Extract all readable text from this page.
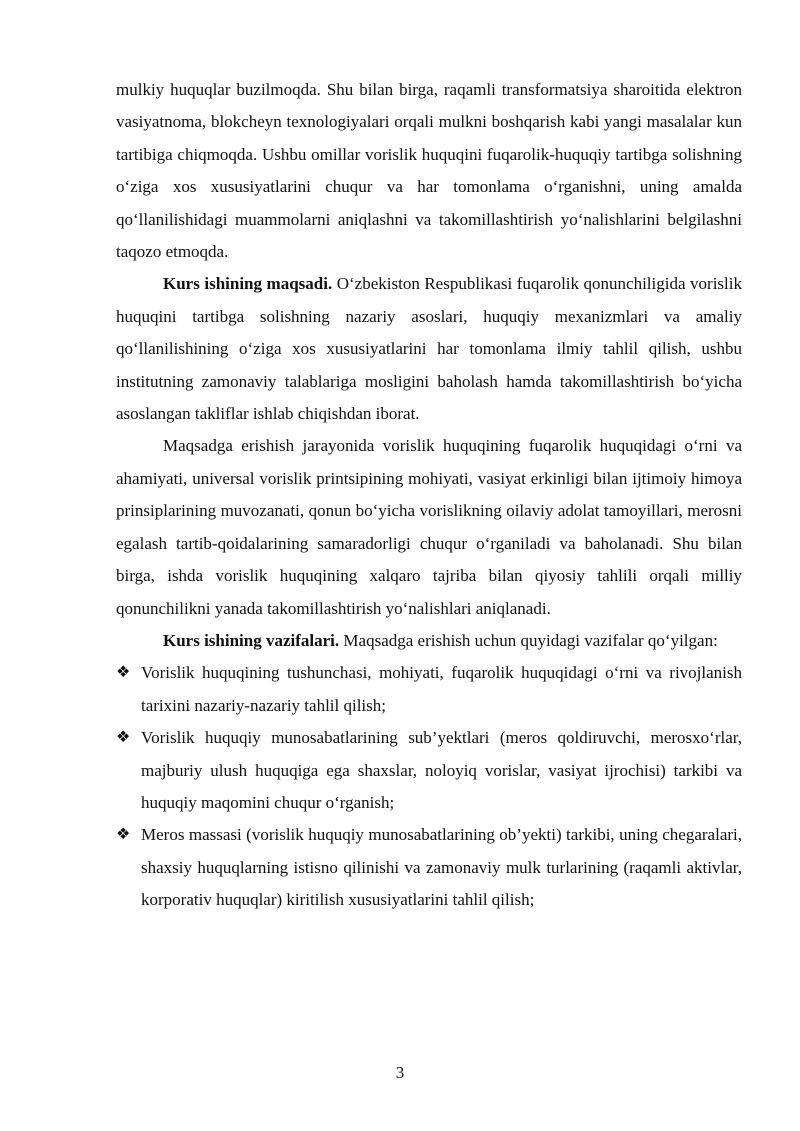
mulkiy huquqlar buzilmoqda. Shu bilan birga, raqamli transformatsiya sharoitida elektron vasiyatnoma, blokcheyn texnologiyalari orqali mulkni boshqarish kabi yangi masalalar kun tartibiga chiqmoqda. Ushbu omillar vorislik huquqini fuqarolik-huquqiy tartibga solishning o‘ziga xos xususiyatlarini chuqur va har tomonlama o‘rganishni, uning amalda qo‘llanilishidagi muammolarni aniqlashni va takomillashtirish yo‘nalishlarini belgilashni taqozo etmoqda.

Kurs ishining maqsadi. O‘zbekiston Respublikasi fuqarolik qonunchiligida vorislik huquqini tartibga solishning nazariy asoslari, huquqiy mexanizmlari va amaliy qo‘llanilishining o‘ziga xos xususiyatlarini har tomonlama ilmiy tahlil qilish, ushbu institutning zamonaviy talablariga mosligini baholash hamda takomillashtirish bo‘yicha asoslangan takliflar ishlab chiqishdan iborat.

Maqsadga erishish jarayonida vorislik huquqining fuqarolik huquqidagi o‘rni va ahamiyati, universal vorislik printsipining mohiyati, vasiyat erkinligi bilan ijtimoiy himoya prinsiplarining muvozanati, qonun bo‘yicha vorislikning oilaviy adolat tamoyillari, merosni egalash tartib-qoidalarining samaradorligi chuqur o‘rganiladi va baholanadi. Shu bilan birga, ishda vorislik huquqining xalqaro tajriba bilan qiyosiy tahlili orqali milliy qonunchilikni yanada takomillashtirish yo‘nalishlari aniqlanadi.

Kurs ishining vazifalari. Maqsadga erishish uchun quyidagi vazifalar qo‘yilgan:

❖ Vorislik huquqining tushunchasi, mohiyati, fuqarolik huquqidagi o‘rni va rivojlanish tarixini nazariy-nazariy tahlil qilish;

❖ Vorislik huquqiy munosabatlarining sub’yektlari (meros qoldiruvchi, merosxo‘rlar, majburiy ulush huquqiga ega shaxslar, noloyiq vorislar, vasiyat ijrochisi) tarkibi va huquqiy maqomini chuqur o‘rganish;

❖ Meros massasi (vorislik huquqiy munosabatlarining ob’yekti) tarkibi, uning chegaralari, shaxsiy huquqlarning istisno qilinishi va zamonaviy mulk turlarining (raqamli aktivlar, korporativ huquqlar) kiritilish xususiyatlarini tahlil qilish;

3
